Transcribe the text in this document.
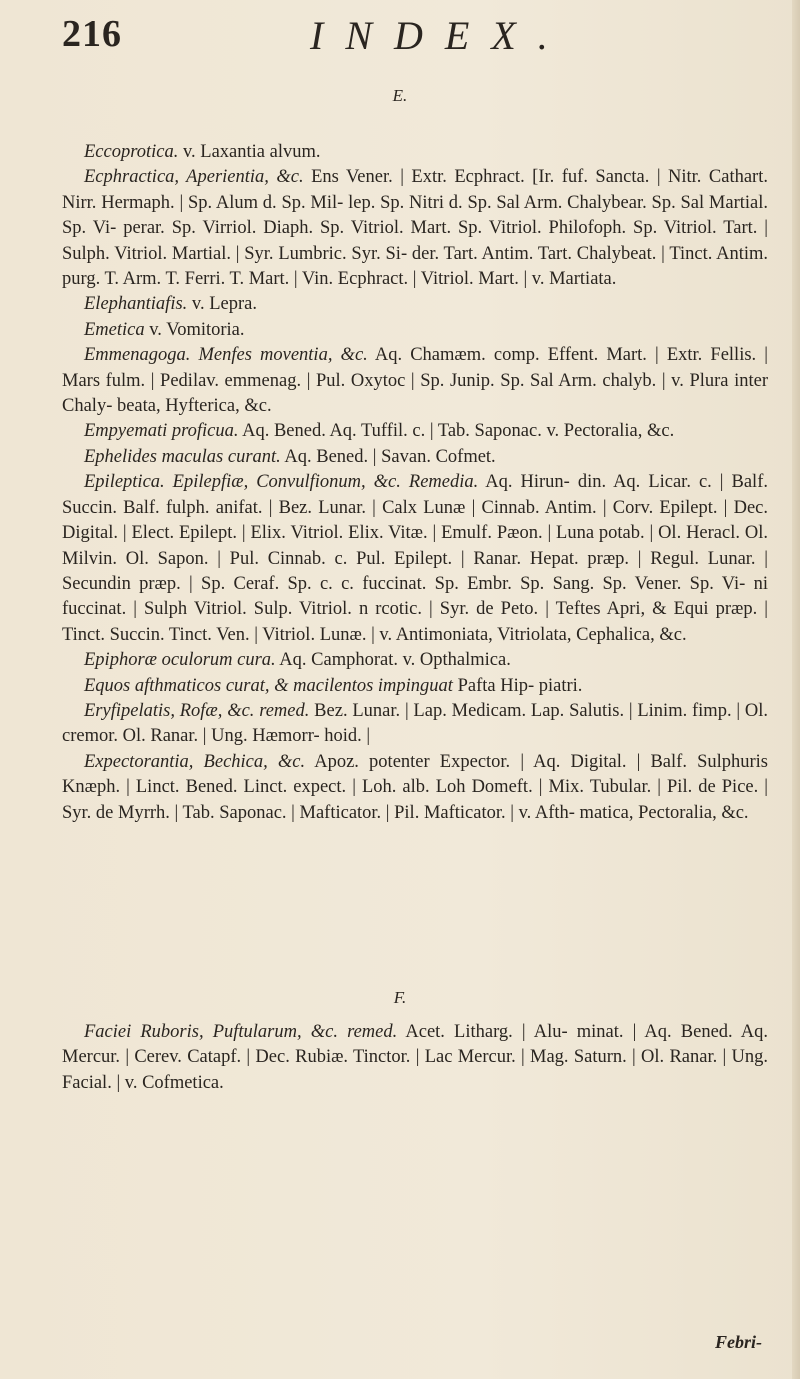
216	INDEX.
E.

Eccoprotica. v. Laxantia alvum.

Ecphractica, Aperientia, &c. Ens Vener. | Extr. Ecphract. [Ir. fuf. Sancta. | Nitr. Cathart. Nirr. Hermaph. | Sp. Alum d. Sp. Mil- lep. Sp. Nitri d. Sp. Sal Arm. Chalybear. Sp. Sal Martial. Sp. Vi- perar. Sp. Virriol. Diaph. Sp. Vitriol. Mart. Sp. Vitriol. Philofoph. Sp. Vitriol. Tart. | Sulph. Vitriol. Martial. | Syr. Lumbric. Syr. Si- der. Tart. Antim. Tart. Chalybeat. | Tinct. Antim. purg. T. Arm. T. Ferri. T. Mart. | Vin. Ecphract. | Vitriol. Mart. | v. Martiata.

Elephantiafis. v. Lepra.

Emetica v. Vomitoria.

Emmenagoga. Menfes moventia, &c. Aq. Chamæm. comp. Effent. Mart. | Extr. Fellis. | Mars fulm. | Pedilav. emmenag. | Pul. Oxytoc | Sp. Junip. Sp. Sal Arm. chalyb. | v. Plura inter Chaly- beata, Hyfterica, &c.

Empyemati proficua. Aq. Bened. Aq. Tuffil. c. | Tab. Saponac. v. Pectoralia, &c.

Ephelides maculas curant. Aq. Bened. | Savan. Cofmet.

Epileptica. Epilepfiæ, Convulfionum, &c. Remedia. Aq. Hirun- din. Aq. Licar. c. | Balf. Succin. Balf. fulph. anifat. | Bez. Lunar. | Calx Lunæ | Cinnab. Antim. | Corv. Epilept. | Dec. Digital. | Elect. Epilept. | Elix. Vitriol. Elix. Vitæ. | Emulf. Pæon. | Luna potab. | Ol. Heracl. Ol. Milvin. Ol. Sapon. | Pul. Cinnab. c. Pul. Epilept. | Ranar. Hepat. præp. | Regul. Lunar. | Secundin præp. | Sp. Ceraf. Sp. c. c. fuccinat. Sp. Embr. Sp. Sang. Sp. Vener. Sp. Vi- ni fuccinat. | Sulph Vitriol. Sulp. Vitriol. n rcotic. | Syr. de Peto. | Teftes Apri, & Equi præp. | Tinct. Succin. Tinct. Ven. | Vitriol. Lunæ. | v. Antimoniata, Vitriolata, Cephalica, &c.

Epiphoræ oculorum cura. Aq. Camphorat. v. Opthalmica.

Equos afthmaticos curat, & macilentos impinguat Pafta Hip- piatri.

Eryfipelatis, Rofæ, &c. remed. Bez. Lunar. | Lap. Medicam. Lap. Salutis. | Linim. fimp. | Ol. cremor. Ol. Ranar. | Ung. Hæmorr- hoid. |

Expectorantia, Bechica, &c. Apoz. potenter Expector. | Aq. Digital. | Balf. Sulphuris Knæph. | Linct. Bened. Linct. expect. | Loh. alb. Loh Domeft. | Mix. Tubular. | Pil. de Pice. | Syr. de Myrrh. | Tab. Saponac. | Mafticator. | Pil. Mafticator. | v. Afth- matica, Pectoralia, &c.

F.

Faciei Ruboris, Puftularum, &c. remed. Acet. Litharg. | Alu- minat. | Aq. Bened. Aq. Mercur. | Cerev. Catapf. | Dec. Rubiæ. Tinctor. | Lac Mercur. | Mag. Saturn. | Ol. Ranar. | Ung. Facial. | v. Cofmetica.

Febri-
